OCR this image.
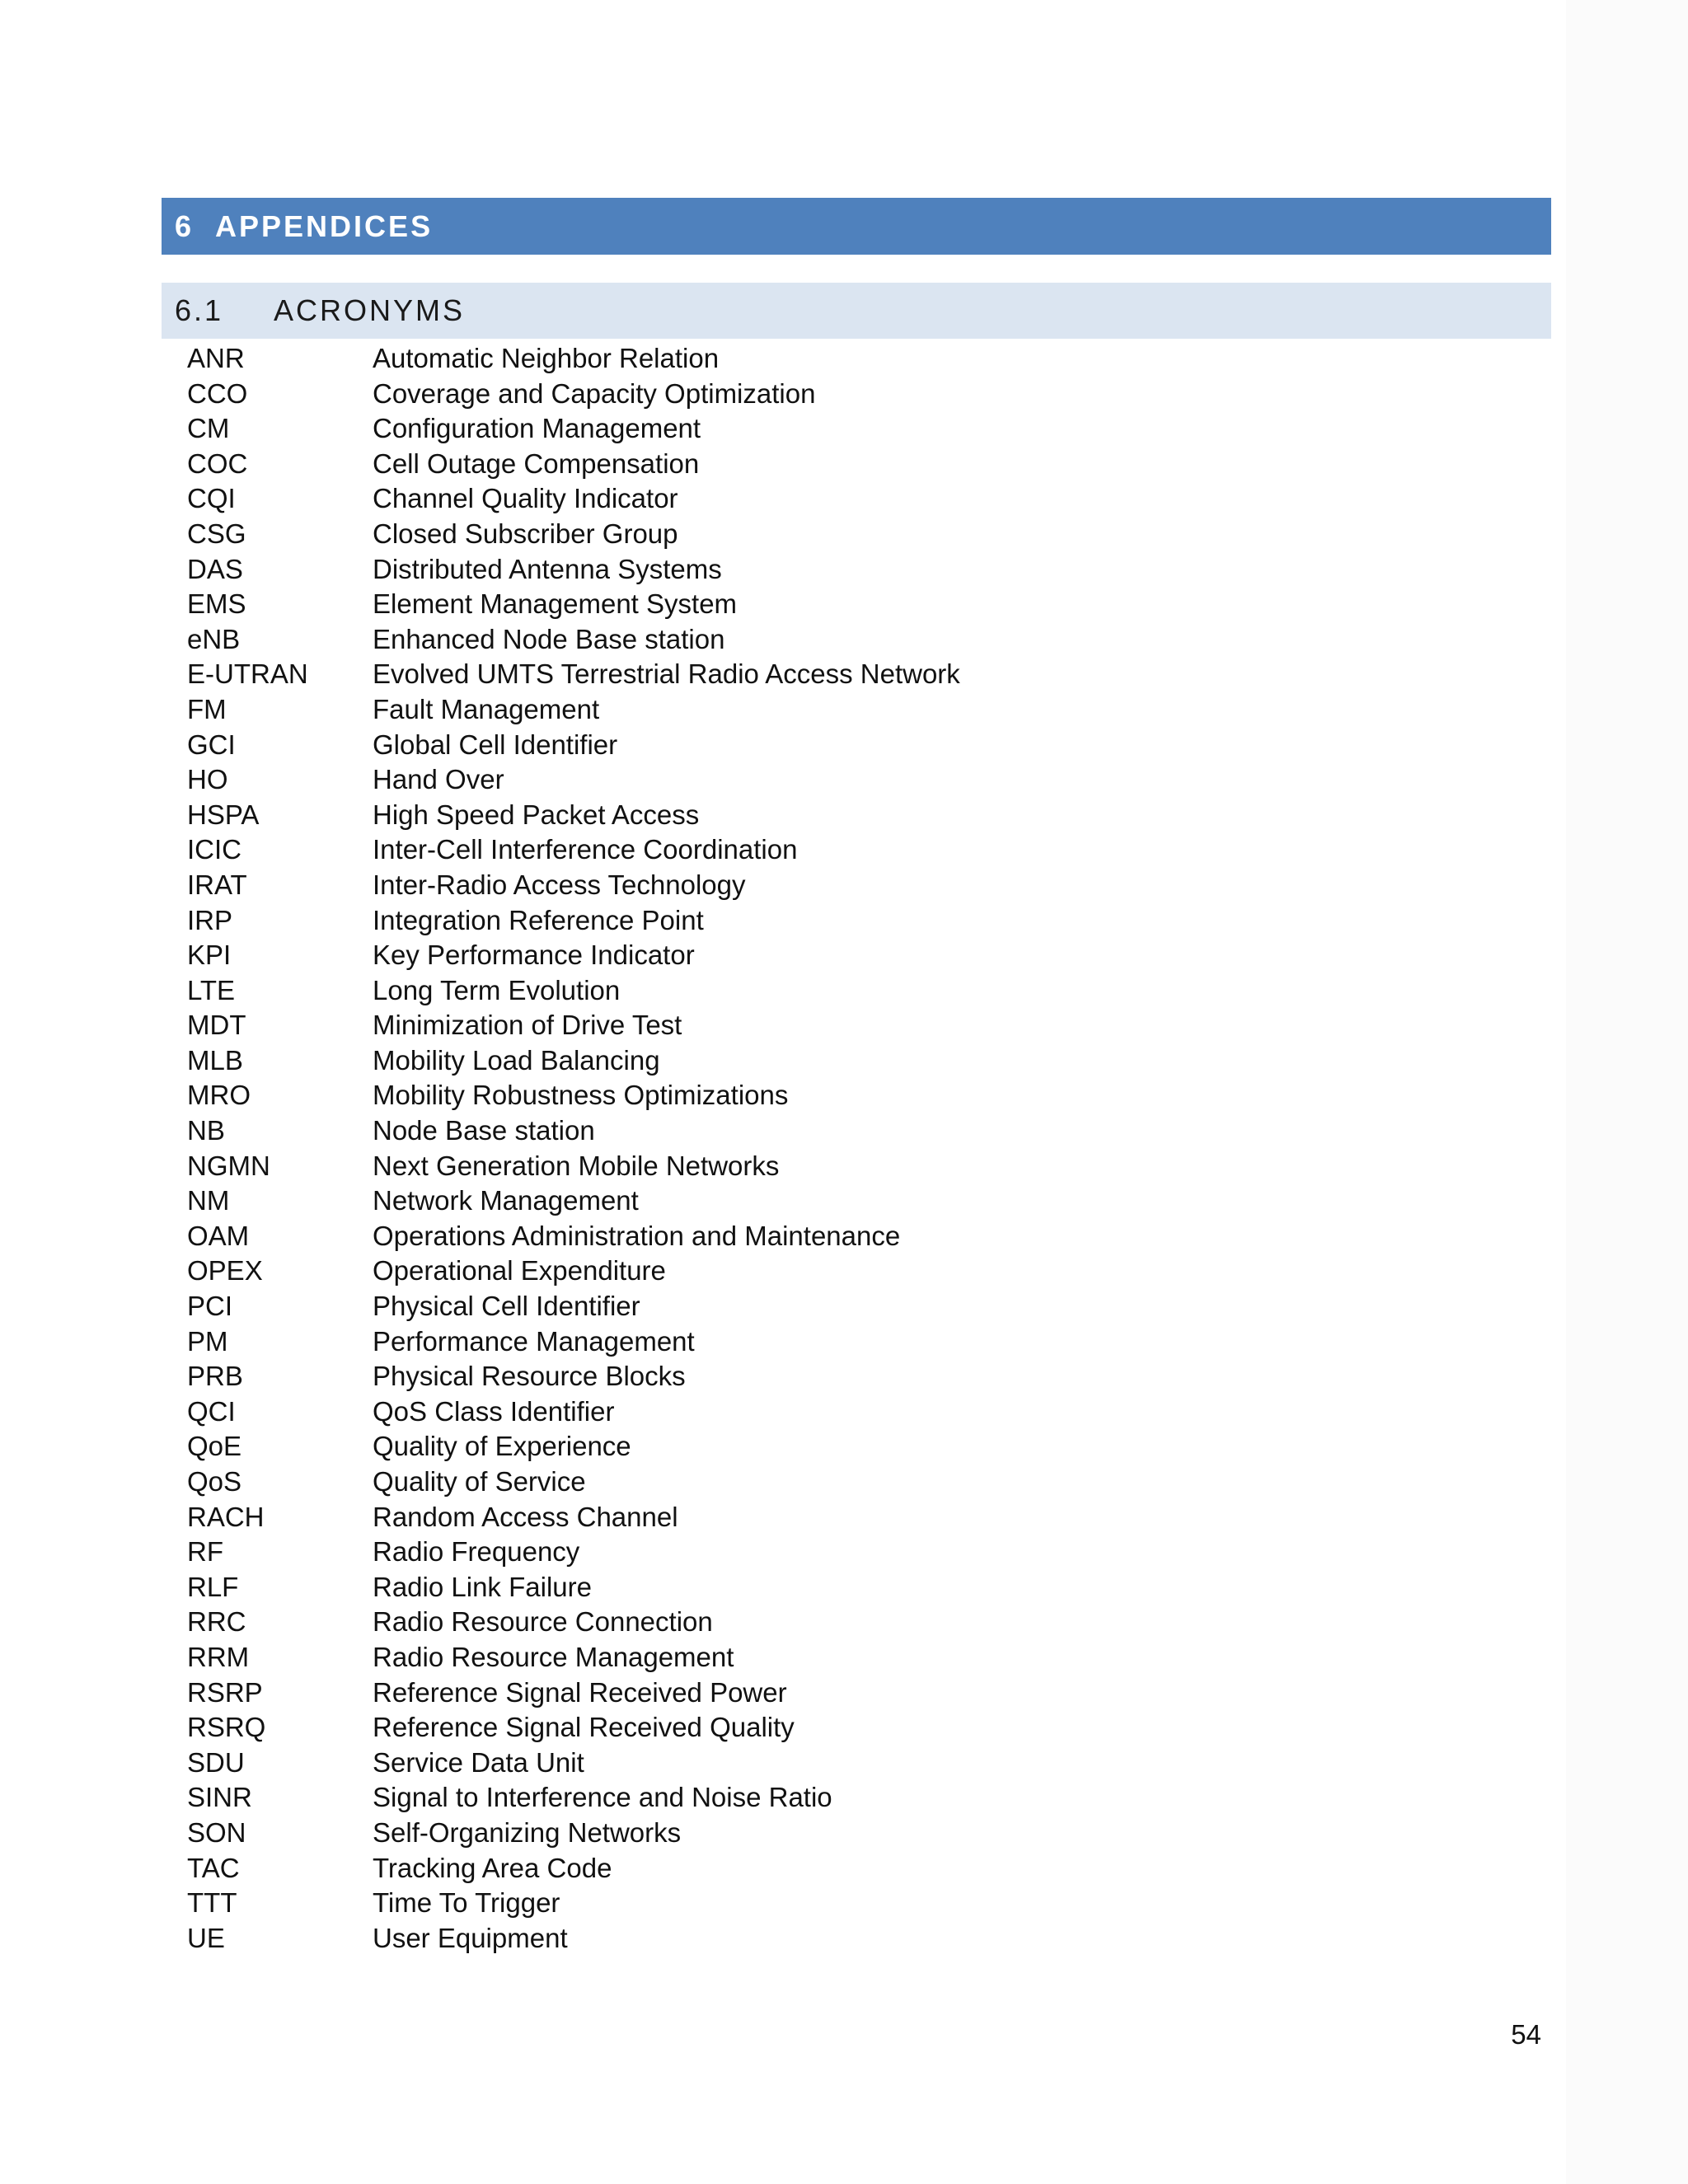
6  APPENDICES
6.1	ACRONYMS
ANR	Automatic Neighbor Relation
CCO	Coverage and Capacity Optimization
CM	Configuration Management
COC	Cell Outage Compensation
CQI	Channel Quality Indicator
CSG	Closed Subscriber Group
DAS	Distributed Antenna Systems
EMS	Element Management System
eNB	Enhanced Node Base station
E-UTRAN	Evolved UMTS Terrestrial Radio Access Network
FM	Fault Management
GCI	Global Cell Identifier
HO	Hand Over
HSPA	High Speed Packet Access
ICIC	Inter-Cell Interference Coordination
IRAT	Inter-Radio Access Technology
IRP	Integration Reference Point
KPI	Key Performance Indicator
LTE	Long Term Evolution
MDT	Minimization of Drive Test
MLB	Mobility Load Balancing
MRO	Mobility Robustness Optimizations
NB	Node Base station
NGMN	Next Generation Mobile Networks
NM	Network Management
OAM	Operations Administration and Maintenance
OPEX	Operational Expenditure
PCI	Physical Cell Identifier
PM	Performance Management
PRB	Physical Resource Blocks
QCI	QoS Class Identifier
QoE	Quality of Experience
QoS	Quality of Service
RACH	Random Access Channel
RF	Radio Frequency
RLF	Radio Link Failure
RRC	Radio Resource Connection
RRM	Radio Resource Management
RSRP	Reference Signal Received Power
RSRQ	Reference Signal Received Quality
SDU	Service Data Unit
SINR	Signal to Interference and Noise Ratio
SON	Self-Organizing Networks
TAC	Tracking Area Code
TTT	Time To Trigger
UE	User Equipment
54
